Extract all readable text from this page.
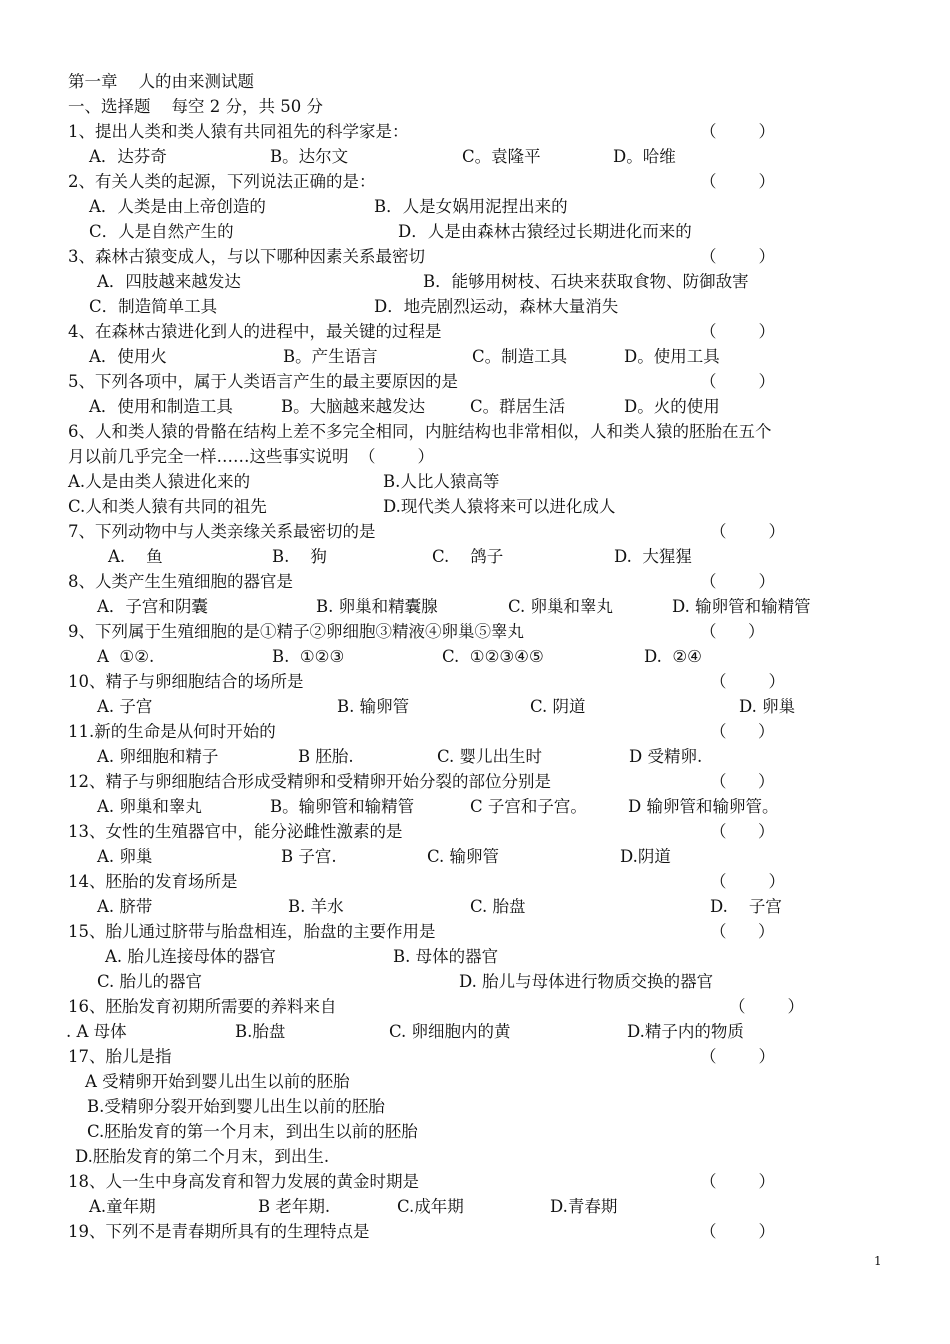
第一章    人的由来测试题
一、选择题    每空 2 分，共 50 分
1、提出人类和类人猿有共同祖先的科学家是：	（        ）
A．达芬奇	B。达尔文	C。袁隆平	D。哈维
2、有关人类的起源，下列说法正确的是：	（        ）
A．人类是由上帝创造的	B．人是女娲用泥捏出来的
C．人是自然产生的	D．人是由森林古猿经过长期进化而来的
3、森林古猿变成人，与以下哪种因素关系最密切	（        ）
A．四肢越来越发达	B．能够用树枝、石块来获取食物、防御敌害
C．制造简单工具	D．地壳剧烈运动，森林大量消失
4、在森林古猿进化到人的进程中，最关键的过程是	（        ）
A．使用火	B。产生语言	C。制造工具	D。使用工具
5、下列各项中，属于人类语言产生的最主要原因的是	（        ）
A．使用和制造工具	B。大脑越来越发达	C。群居生活	D。火的使用
6、人和类人猿的骨骼在结构上差不多完全相同，内脏结构也非常相似，人和类人猿的胚胎在五个
月以前几乎完全一样……这些事实说明  （        ）
A.人是由类人猿进化来的	B.人比人猿高等
C.人和类人猿有共同的祖先	D.现代类人猿将来可以进化成人
7、下列动物中与人类亲缘关系最密切的是	（        ）
A.    鱼	B.    狗	C.    鸽子	D.  大猩猩
8、人类产生生殖细胞的器官是	（        ）
A．子宫和阴囊	B. 卵巢和精囊腺	C. 卵巢和睾丸	D. 输卵管和输精管
9、下列属于生殖细胞的是①精子②卵细胞③精液④卵巢⑤睾丸	（      ）
A  ①②.	B.  ①②③	C.  ①②③④⑤	D.  ②④
10、精子与卵细胞结合的场所是	（        ）
A. 子宫	B. 输卵管	C. 阴道	D. 卵巢
11.新的生命是从何时开始的	（      ）
A. 卵细胞和精子	B 胚胎.	C. 婴儿出生时	D 受精卵.
12、精子与卵细胞结合形成受精卵和受精卵开始分裂的部位分别是	（      ）
A. 卵巢和睾丸	B。输卵管和输精管	C 子宫和子宫。 D 输卵管和输卵管。
13、女性的生殖器官中，能分泌雌性激素的是	（      ）
A. 卵巢	B 子宫.	C. 输卵管	D.阴道
14、胚胎的发育场所是	（        ）
A. 脐带	B. 羊水	C. 胎盘	D.    子宫
15、胎儿通过脐带与胎盘相连，胎盘的主要作用是	（      ）
A. 胎儿连接母体的器官	B. 母体的器官
C. 胎儿的器官	D. 胎儿与母体进行物质交换的器官
16、胚胎发育初期所需要的养料来自	（        ）
. A 母体	B.胎盘	C. 卵细胞内的黄	D.精子内的物质
17、胎儿是指	（        ）
A 受精卵开始到婴儿出生以前的胚胎
B.受精卵分裂开始到婴儿出生以前的胚胎
C.胚胎发育的第一个月末，到出生以前的胚胎
D.胚胎发育的第二个月末，到出生.
18、人一生中身高发育和智力发展的黄金时期是	（        ）
A.童年期	B 老年期.	C.成年期	D.青春期
19、下列不是青春期所具有的生理特点是	（        ）
1
